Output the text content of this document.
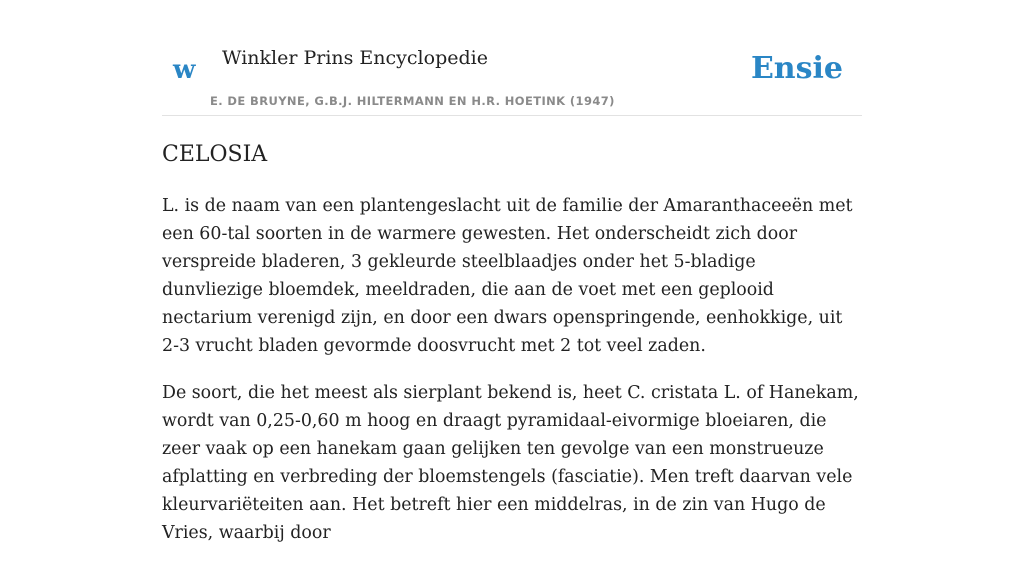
w Winkler Prins Encyclopedie
E. DE BRUYNE, G.B.J. HILTERMANN EN H.R. HOETINK (1947)
Ensie
CELOSIA

L. is de naam van een plantengeslacht uit de familie der Amaranthaceeën met een 60-tal soorten in de warmere gewesten. Het onderscheidt zich door verspreide bladeren, 3 gekleurde steelblaadjes onder het 5-bladige dunvliezige bloemdek, meeldraden, die aan de voet met een geplooid nectarium verenigd zijn, en door een dwars openspringende, eenhokkige, uit 2-3 vrucht bladen gevormde doosvrucht met 2 tot veel zaden.

De soort, die het meest als sierplant bekend is, heet C. cristata L. of Hanekam, wordt van 0,25-0,60 m hoog en draagt pyramidaal-eivormige bloeiaren, die zeer vaak op een hanekam gaan gelijken ten gevolge van een monstrueuze afplatting en verbreding der bloemstengels (fasciatie). Men treft daarvan vele kleurvariëteiten aan. Het betreft hier een middelras, in de zin van Hugo de Vries, waarbij door
